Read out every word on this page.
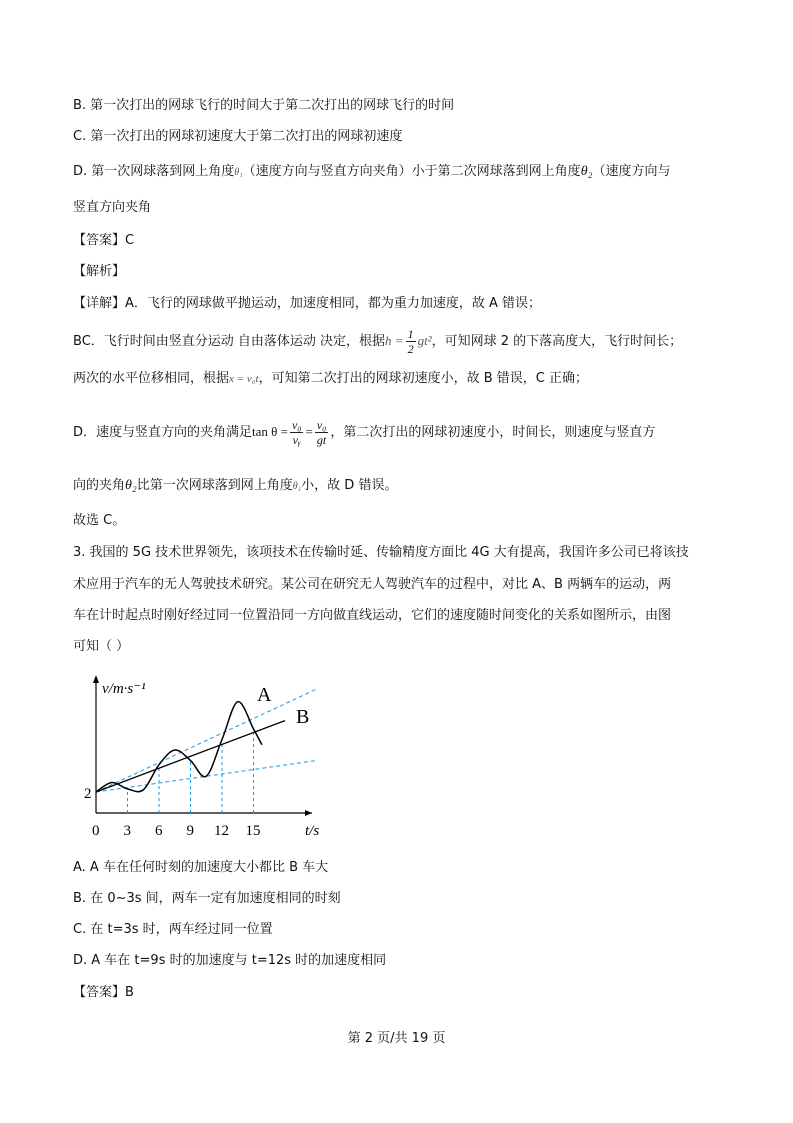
B. 第一次打出的网球飞行的时间大于第二次打出的网球飞行的时间
C. 第一次打出的网球初速度大于第二次打出的网球初速度
D. 第一次网球落到网上角度θ₁（速度方向与竖直方向夹角）小于第二次网球落到网上角度θ₂（速度方向与
竖直方向夹角
【答案】C
【解析】
【详解】A．飞行的网球做平抛运动，加速度相同，都为重力加速度，故 A 错误；
BC．飞行时间由竖直分运动 自由落体运动 决定，根据$h = \frac{1}{2} gt^2$，可知网球 2 的下落高度大，飞行时间长；
两次的水平位移相同，根据x = v₀t，可知第二次打出的网球初速度小，故 B 错误，C 正确；
D．速度与竖直方向的夹角满足$\tan \theta = \frac{\text{v₀}}{\text{vᵧ}} = \frac{\text{v₀}}{gt}$ ，第二次打出的网球初速度小，时间长，则速度与竖直方
向的夹角θ₂比第一次网球落到网上角度θ₁小，故 D 错误。
故选 C。
3. 我国的 5G 技术世界领先，该项技术在传输时延、传输精度方面比 4G 大有提高，我国许多公司已将该技
术应用于汽车的无人驾驶技术研究。某公司在研究无人驾驶汽车的过程中，对比 A、B 两辆车的运动，两
车在计时起点时刚好经过同一位置沿同一方向做直线运动，它们的速度随时间变化的关系如图所示，由图
可知（ ）
A
B
v/m·s⁻¹
t/s
2
0 3 6 9 12 15
A. A 车在任何时刻的加速度大小都比 B 车大
B. 在 0~3s 间，两车一定有加速度相同的时刻
C. 在 t=3s 时，两车经过同一位置
D. A 车在 t=9s 时的加速度与 t=12s 时的加速度相同
【答案】B
第 2 页/共 19 页
